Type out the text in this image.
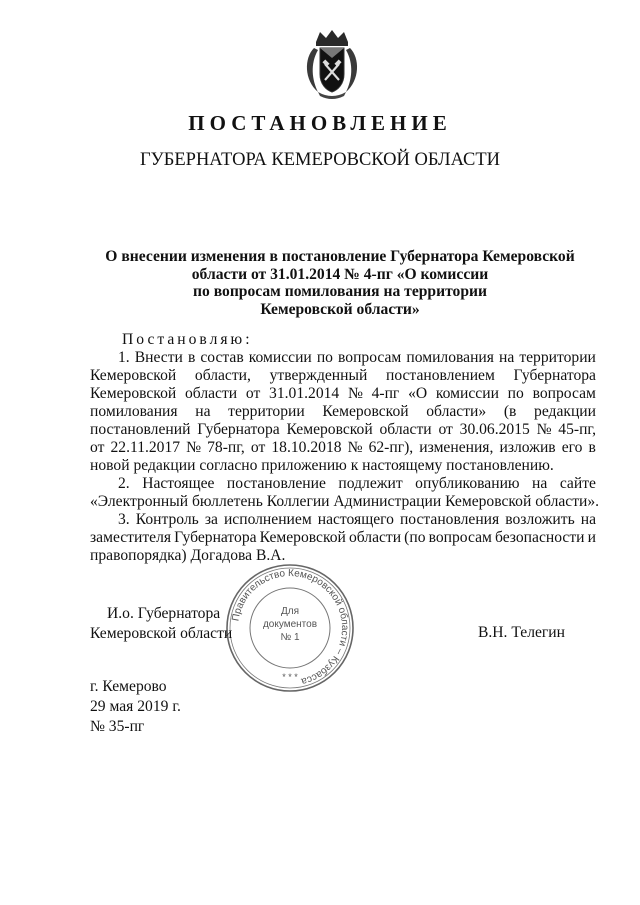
ПОСТАНОВЛЕНИЕ
ГУБЕРНАТОРА КЕМЕРОВСКОЙ ОБЛАСТИ
О внесении изменения в постановление Губернатора Кемеровской
области от 31.01.2014 № 4-пг «О комиссии
по вопросам помилования на территории
Кемеровской области»
Постановляю:
1. Внести в состав комиссии по вопросам помилования на территории
Кемеровской области, утвержденный постановлением Губернатора
Кемеровской области от 31.01.2014 № 4-пг «О комиссии по вопросам
помилования на территории Кемеровской области» (в редакции
постановлений Губернатора Кемеровской области от 30.06.2015 № 45-пг,
от 22.11.2017 № 78-пг, от 18.10.2018 № 62-пг), изменения, изложив его в
новой редакции согласно приложению к настоящему постановлению.
2. Настоящее постановление подлежит опубликованию на сайте
«Электронный бюллетень Коллегии Администрации Кемеровской области».
3. Контроль за исполнением настоящего постановления возложить на
заместителя Губернатора Кемеровской области (по вопросам безопасности и
правопорядка) Догадова В.А.
Правительство Кемеровской области – Кузбасса
Для
документов
№ 1
* * *
И.о. Губернатора
Кемеровской области	В.Н. Телегин
г. Кемерово
29 мая 2019 г.
№ 35-пг
